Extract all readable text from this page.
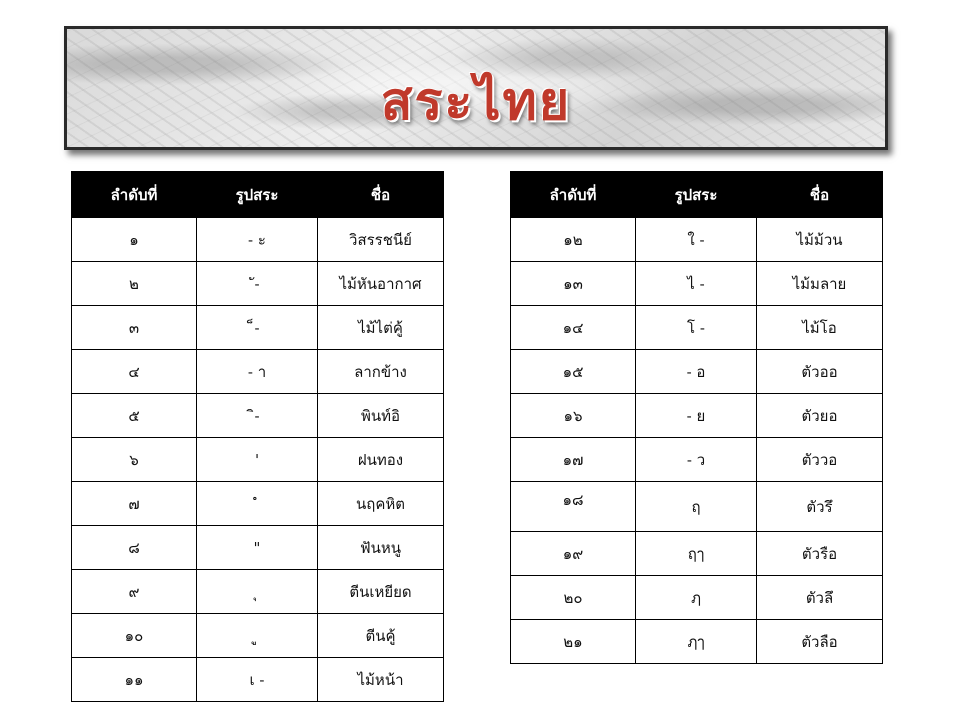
สระไทย
ลำดับที่	รูปสระ	ชื่อ
๑	- ะ	วิสรรชนีย์
๒	ั-	ไม้หันอากาศ
๓	็-	ไม้ไต่คู้
๔	- า	ลากข้าง
๕	ิ-	พินท์อิ
๖	'	ฝนทอง
๗		นฤคหิต
๘	"	ฟันหนู
๙		ตีนเหยียด
๑๐		ตีนคู้
๑๑	เ -	ไม้หน้า
ลำดับที่	รูปสระ	ชื่อ
๑๒	ใ -	ไม้ม้วน
๑๓	ไ -	ไม้มลาย
๑๔	โ -	ไม้โอ
๑๕	- อ	ตัวออ
๑๖	- ย	ตัวยอ
๑๗	- ว	ตัววอ
๑๘	ฤ	ตัวรึ
๑๙	ฤๅ	ตัวรือ
๒๐	ฦ	ตัวลึ
๒๑	ฦๅ	ตัวลือ
